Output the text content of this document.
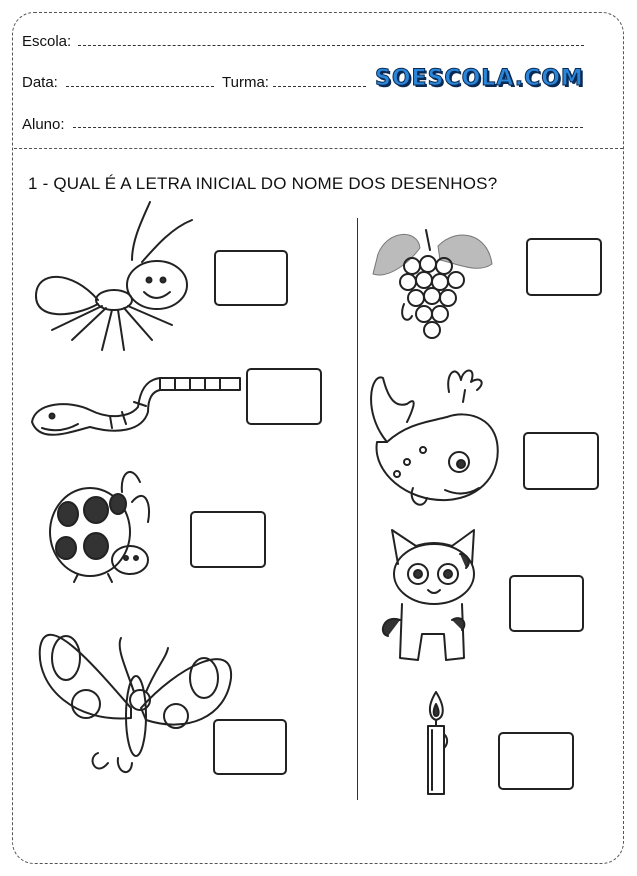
Escola:
Data:	Turma:	SOESCOLA.COM
Aluno:
1 - QUAL É A LETRA INICIAL DO NOME DOS DESENHOS?
